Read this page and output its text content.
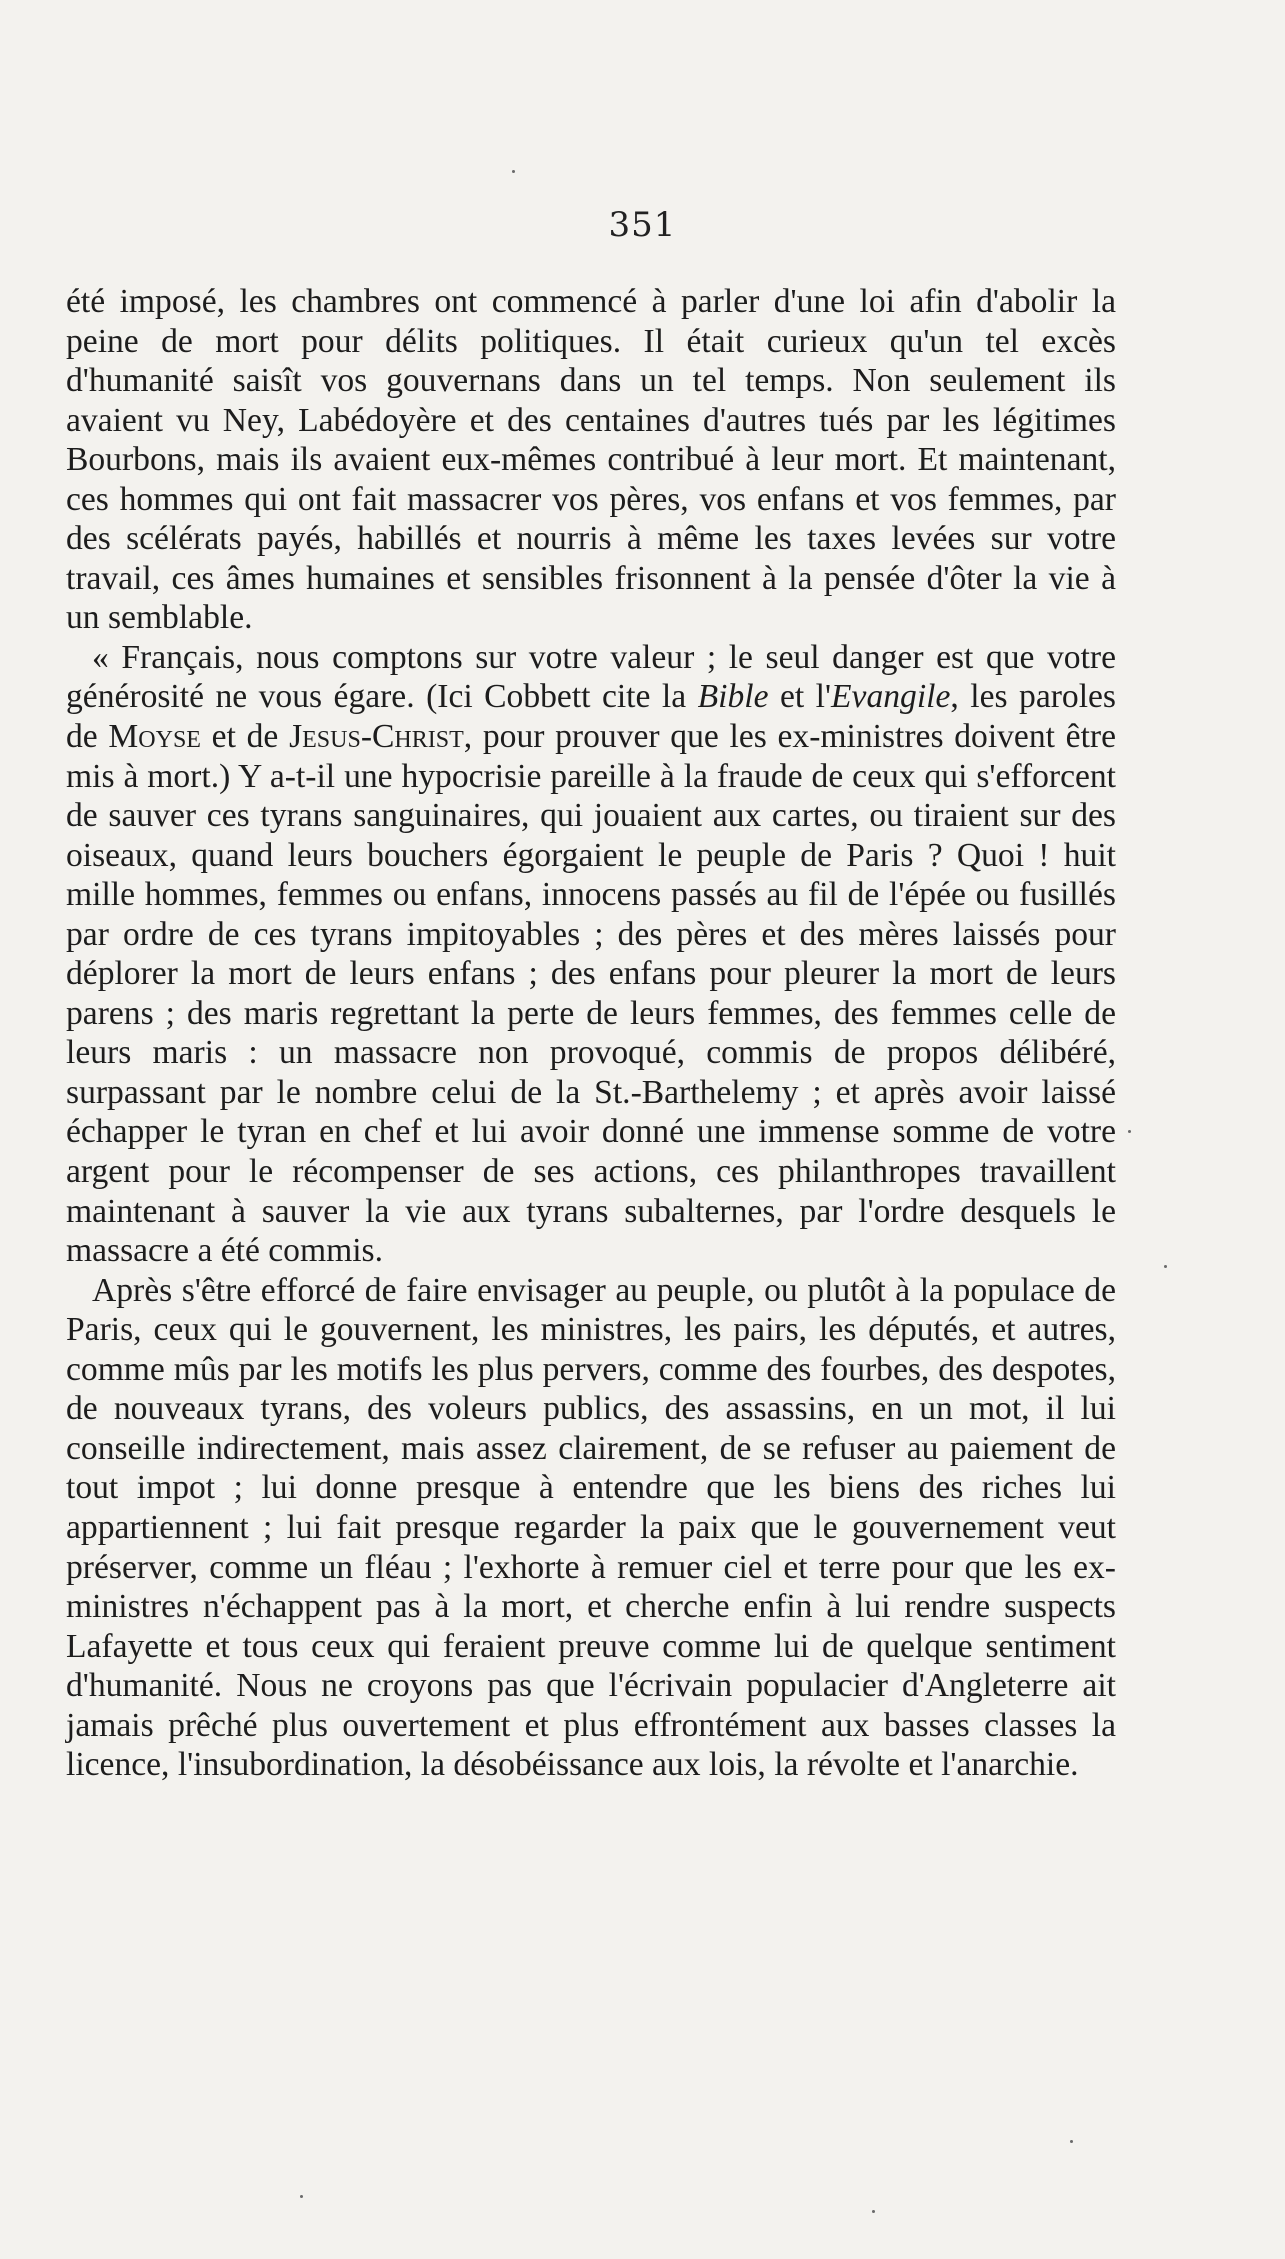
351

été imposé, les chambres ont commencé à parler d'une loi afin d'abolir la peine de mort pour délits politiques. Il était curieux qu'un tel excès d'humanité saisît vos gouvernans dans un tel temps. Non seulement ils avaient vu Ney, Labédoyère et des centaines d'autres tués par les légitimes Bourbons, mais ils avaient eux-mêmes contribué à leur mort. Et maintenant, ces hommes qui ont fait massacrer vos pères, vos enfans et vos femmes, par des scélérats payés, habillés et nourris à même les taxes levées sur votre travail, ces âmes humaines et sensibles frisonnent à la pensée d'ôter la vie à un semblable.

« Français, nous comptons sur votre valeur ; le seul danger est que votre générosité ne vous égare. (Ici Cobbett cite la Bible et l'Evangile, les paroles de Moyse et de Jesus-Christ, pour prouver que les ex-ministres doivent être mis à mort.) Y a-t-il une hypocrisie pareille à la fraude de ceux qui s'efforcent de sauver ces tyrans sanguinaires, qui jouaient aux cartes, ou tiraient sur des oiseaux, quand leurs bouchers égorgaient le peuple de Paris ? Quoi ! huit mille hommes, femmes ou enfans, innocens passés au fil de l'épée ou fusillés par ordre de ces tyrans impitoyables ; des pères et des mères laissés pour déplorer la mort de leurs enfans ; des enfans pour pleurer la mort de leurs parens ; des maris regrettant la perte de leurs femmes, des femmes celle de leurs maris : un massacre non provoqué, commis de propos délibéré, surpassant par le nombre celui de la St.-Barthelemy ; et après avoir laissé échapper le tyran en chef et lui avoir donné une immense somme de votre argent pour le récompenser de ses actions, ces philanthropes travaillent maintenant à sauver la vie aux tyrans subalternes, par l'ordre desquels le massacre a été commis.

Après s'être efforcé de faire envisager au peuple, ou plutôt à la populace de Paris, ceux qui le gouvernent, les ministres, les pairs, les députés, et autres, comme mûs par les motifs les plus pervers, comme des fourbes, des despotes, de nouveaux tyrans, des voleurs publics, des assassins, en un mot, il lui conseille indirectement, mais assez clairement, de se refuser au paiement de tout impot ; lui donne presque à entendre que les biens des riches lui appartiennent ; lui fait presque regarder la paix que le gouvernement veut préserver, comme un fléau ; l'exhorte à remuer ciel et terre pour que les ex-ministres n'échappent pas à la mort, et cherche enfin à lui rendre suspects Lafayette et tous ceux qui feraient preuve comme lui de quelque sentiment d'humanité. Nous ne croyons pas que l'écrivain populacier d'Angleterre ait jamais prêché plus ouvertement et plus effrontément aux basses classes la licence, l'insubordination, la désobéissance aux lois, la révolte et l'anarchie.
